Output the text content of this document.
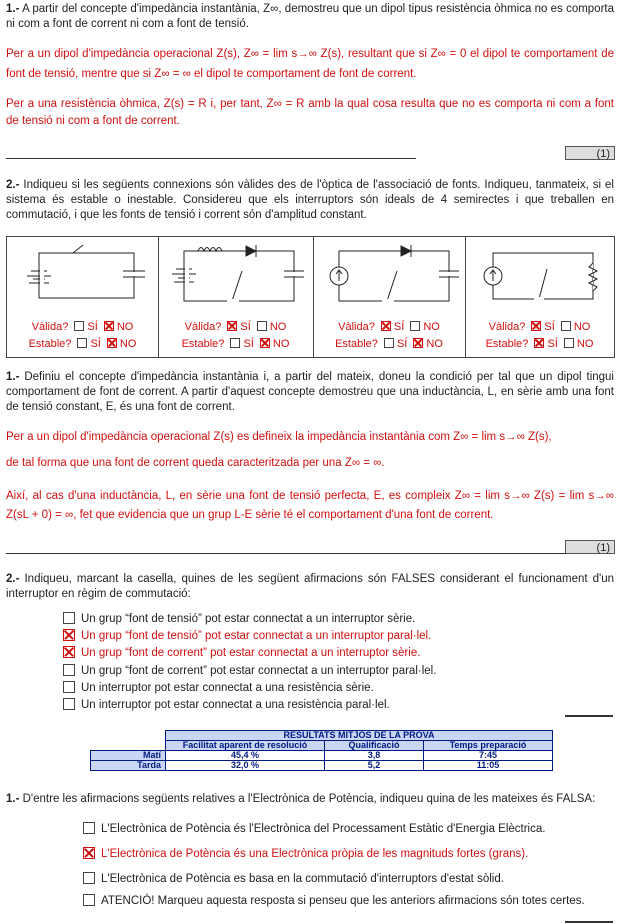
1.- A partir del concepte d'impedància instantània, Z∞, demostreu que un dipol tipus resistència òhmica no es comporta ni com a font de corrent ni com a font de tensió.
Per a un dipol d'impedància operacional Z(s), Z∞ = lim s→∞ Z(s), resultant que si Z∞ = 0 el dipol te comportament de font de tensió, mentre que si Z∞ = ∞ el dipol te comportament de font de corrent.
Per a una resistència òhmica, Z(s) = R i, per tant, Z∞ = R amb la qual cosa resulta que no es comporta ni com a font de tensió ni com a font de corrent.
(1)
2.- Indiqueu si les següents connexions són vàlides des de l'òptica de l'associació de fonts. Indiqueu, tanmateix, si el sistema és estable o inestable. Considereu que els interruptors són ideals de 4 semirectes i que treballen en commutació, i que les fonts de tensió i corrent són d'amplitud constant.
Vàlida? SÍ NO
Estable? SÍ NO
Vàlida? SÍ NO
Estable? SÍ NO
Vàlida? SÍ NO
Estable? SÍ NO
Vàlida? SÍ NO
Estable? SÍ NO
1.- Definiu el concepte d'impedància instantània i, a partir del mateix, doneu la condició per tal que un dipol tingui comportament de font de corrent. A partir d'aquest concepte demostreu que una inductància, L, en sèrie amb una font de tensió constant, E, és una font de corrent.
Per a un dipol d'impedància operacional Z(s) es defineix la impedància instantània com Z∞ = lim s→∞ Z(s),
de tal forma que una font de corrent queda caracteritzada per una Z∞ = ∞.
Així, al cas d'una inductància, L, en sèrie una font de tensió perfecta, E, es compleix Z∞ = lim s→∞ Z(s) = lim s→∞ Z(sL + 0) = ∞, fet que evidencia que un grup L-E sèrie té el comportament d'una font de corrent.
(1)
2.- Indiqueu, marcant la casella, quines de les següent afirmacions són FALSES considerant el funcionament d'un interruptor en règim de commutació:
Un grup “font de tensió” pot estar connectat a un interruptor sèrie.
Un grup “font de tensió” pot estar connectat a un interruptor paral·lel.
Un grup “font de corrent” pot estar connectat a un interruptor sèrie.
Un grup “font de corrent” pot estar connectat a un interruptor paral·lel.
Un interruptor pot estar connectat a una resistència sèrie.
Un interruptor pot estar connectat a una resistència paral·lel.
	RESULTATS MITJOS DE LA PROVA		
	Facilitat aparent de resolució	Qualificació	Temps preparació
Matí	45,4 %	3,8	7:45
Tarda	32,0 %	5,2	11:05
1.- D'entre les afirmacions següents relatives a l'Electrònica de Potència, indiqueu quina de les mateixes és FALSA:
L'Electrònica de Potència és l'Electrònica del Processament Estàtic d'Energia Elèctrica.
L'Electrònica de Potència és una Electrònica pròpia de les magnituds fortes (grans).
L'Electrònica de Potència es basa en la commutació d'interruptors d'estat sòlid.
ATENCIÓ! Marqueu aquesta resposta si penseu que les anteriors afirmacions són totes certes.
